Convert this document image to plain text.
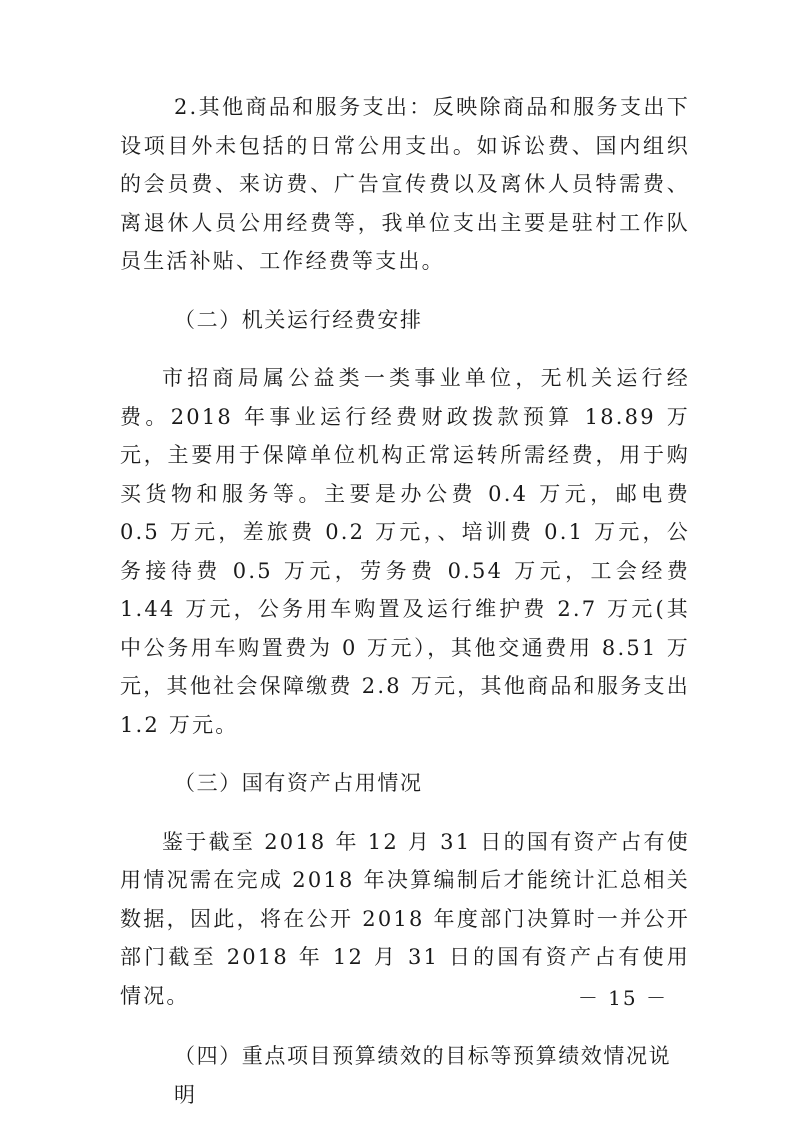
2.其他商品和服务支出：反映除商品和服务支出下设项目外未包括的日常公用支出。如诉讼费、国内组织的会员费、来访费、广告宣传费以及离休人员特需费、离退休人员公用经费等，我单位支出主要是驻村工作队员生活补贴、工作经费等支出。

（二）机关运行经费安排

市招商局属公益类一类事业单位，无机关运行经费。2018 年事业运行经费财政拨款预算 18.89 万元，主要用于保障单位机构正常运转所需经费，用于购买货物和服务等。主要是办公费 0.4 万元，邮电费 0.5 万元，差旅费 0.2 万元，、培训费 0.1 万元，公务接待费 0.5 万元，劳务费 0.54 万元，工会经费 1.44 万元，公务用车购置及运行维护费 2.7 万元(其中公务用车购置费为 0 万元），其他交通费用 8.51 万元，其他社会保障缴费 2.8 万元，其他商品和服务支出 1.2 万元。

（三）国有资产占用情况

鉴于截至 2018 年 12 月 31 日的国有资产占有使用情况需在完成 2018 年决算编制后才能统计汇总相关数据，因此，将在公开 2018 年度部门决算时一并公开部门截至 2018 年 12 月 31 日的国有资产占有使用情况。

（四）重点项目预算绩效的目标等预算绩效情况说明
－ 15 －
